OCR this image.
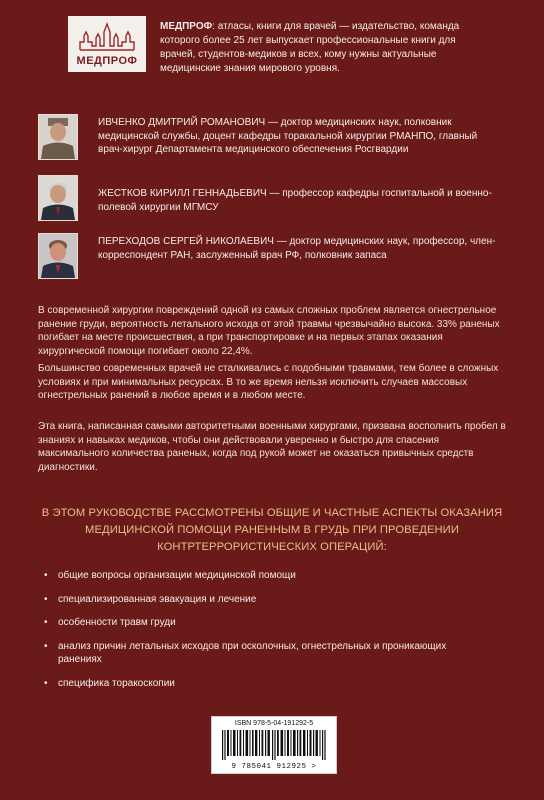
МЕДПРОФ
МЕДПРОФ: атласы, книги для врачей — издательство, команда которого более 25 лет выпускает профессиональные книги для врачей, студентов-медиков и всех, кому нужны актуальные медицинские знания мирового уровня.
ИВЧЕНКО ДМИТРИЙ РОМАНОВИЧ — доктор медицинских наук, полковник медицинской службы, доцент кафедры торакальной хирургии РМАНПО, главный врач-хирург Департамента медицинского обеспечения Росгвардии
ЖЕСТКОВ КИРИЛЛ ГЕННАДЬЕВИЧ — профессор кафедры госпитальной и военно-полевой хирургии МГМСУ
ПЕРЕХОДОВ СЕРГЕЙ НИКОЛАЕВИЧ — доктор медицинских наук, профессор, член-корреспондент РАН, заслуженный врач РФ, полковник запаса
В современной хирургии повреждений одной из самых сложных проблем является огнестрельное ранение груди, вероятность летального исхода от этой травмы чрезвычайно высока. 33% раненых погибает на месте происшествия, а при транспортировке и на первых этапах оказания хирургической помощи погибает около 22,4%.
Большинство современных врачей не сталкивались с подобными травмами, тем более в сложных условиях и при минимальных ресурсах. В то же время нельзя исключить случаев массовых огнестрельных ранений в любое время и в любом месте.
Эта книга, написанная самыми авторитетными военными хирургами, призвана восполнить пробел в знаниях и навыках медиков, чтобы они действовали уверенно и быстро для спасения максимального количества раненых, когда под рукой может не оказаться привычных средств диагностики.
В ЭТОМ РУКОВОДСТВЕ РАССМОТРЕНЫ ОБЩИЕ И ЧАСТНЫЕ АСПЕКТЫ ОКАЗАНИЯ МЕДИЦИНСКОЙ ПОМОЩИ РАНЕННЫМ В ГРУДЬ ПРИ ПРОВЕДЕНИИ КОНТРТЕРРОРИСТИЧЕСКИХ ОПЕРАЦИЙ:
• общие вопросы организации медицинской помощи
• специализированная эвакуация и лечение
• особенности травм груди
• анализ причин летальных исходов при осколочных, огнестрельных и проникающих ранениях
• специфика торакоскопии
ISBN 978-5-04-191292-5
9 785041 912925 >
